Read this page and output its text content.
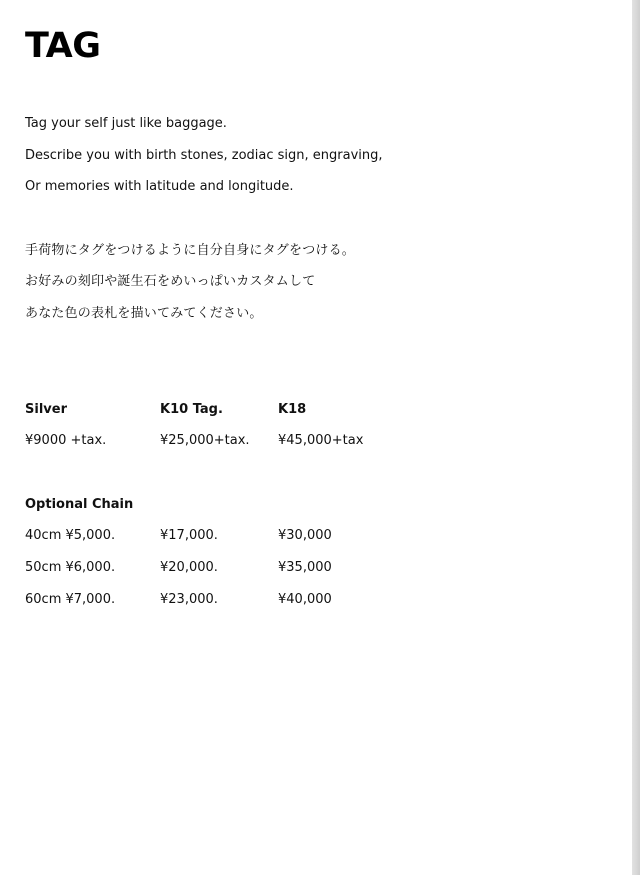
TAG
Tag your self just like baggage.
Describe you with birth stones, zodiac sign, engraving,
Or memories with latitude and longitude.
手荷物にタグをつけるように自分自身にタグをつける。
お好みの刻印や誕生石をめいっぱいカスタムして
あなた色の表札を描いてみてください。
Silver	K10 Tag.	K18
¥9000 +tax.	¥25,000+tax. ¥45,000+tax
Optional Chain
40cm ¥5,000.	¥17,000.	¥30,000
50cm ¥6,000.	¥20,000.	¥35,000
60cm ¥7,000.	¥23,000.	¥40,000
